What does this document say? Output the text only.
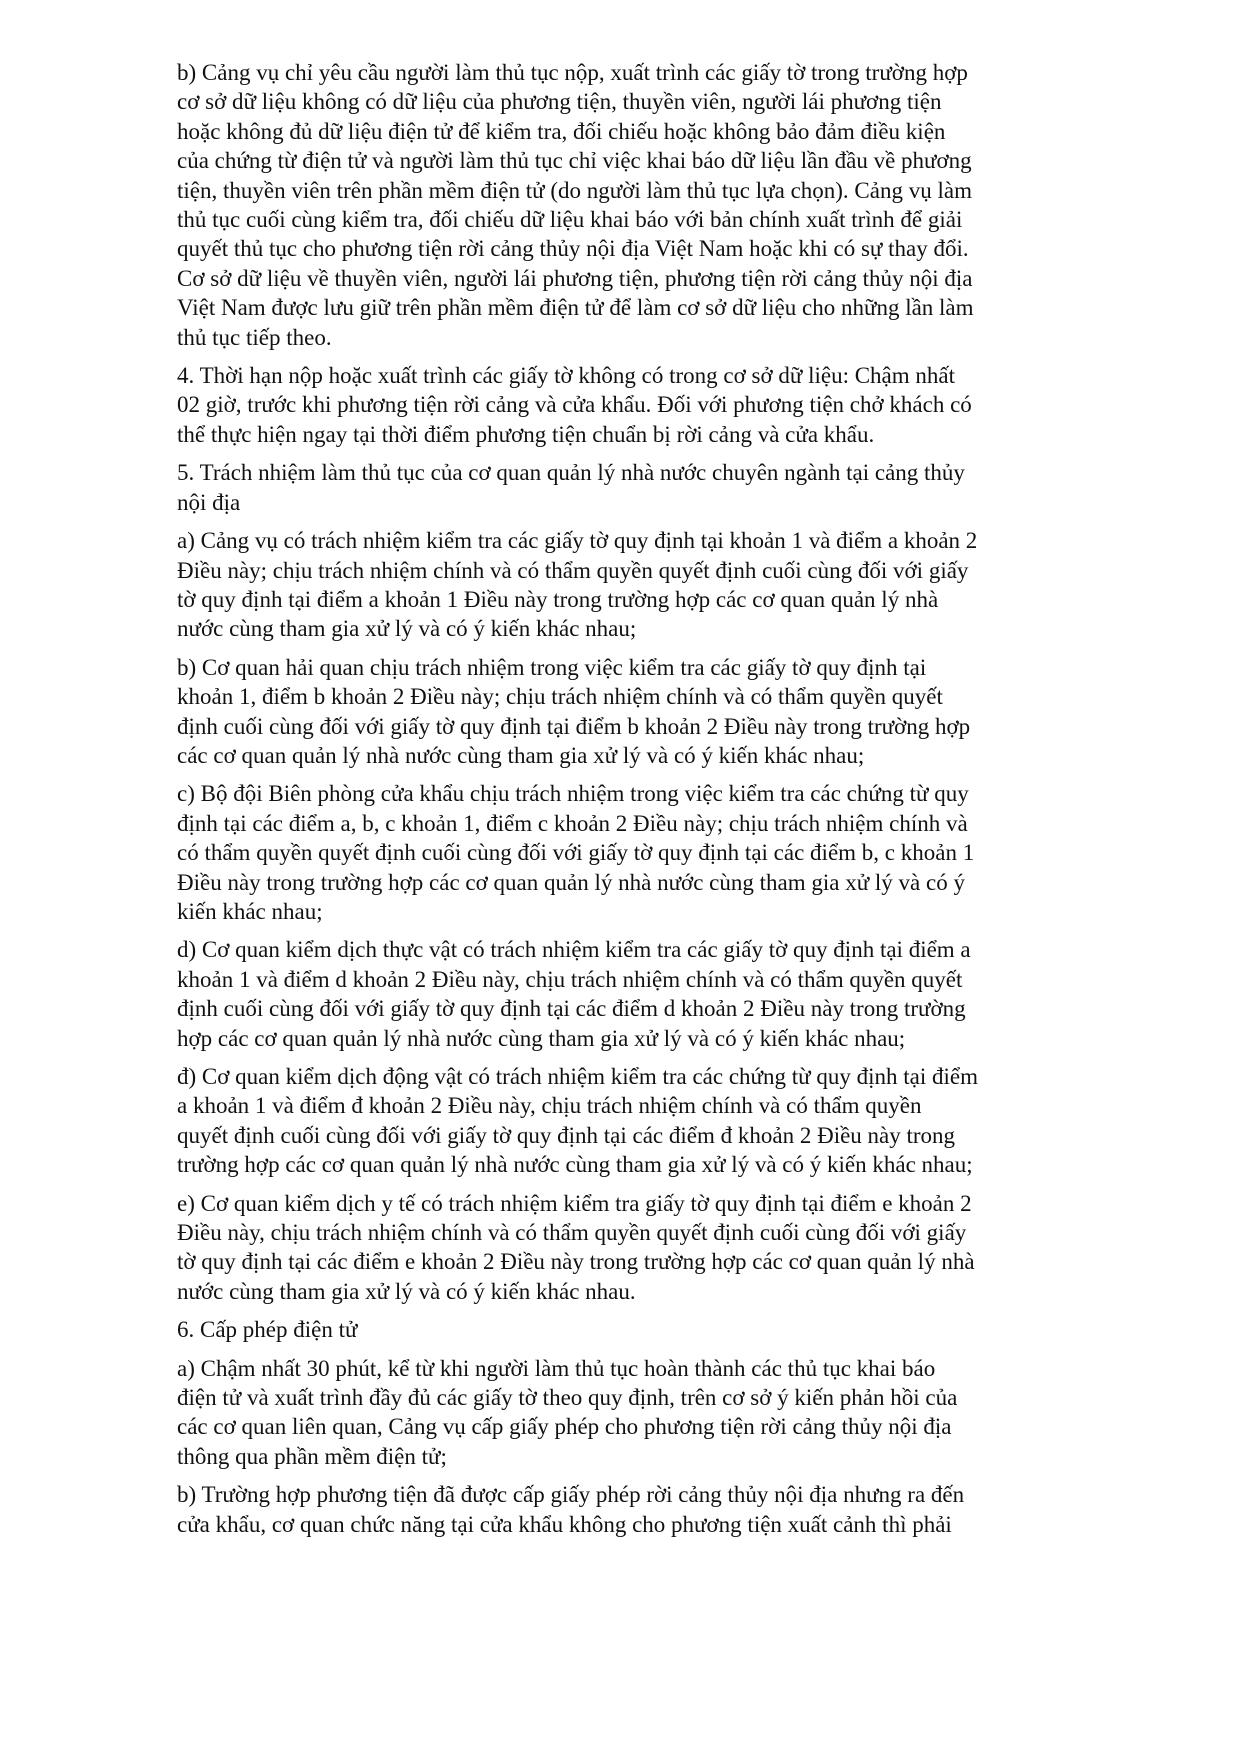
b) Cảng vụ chỉ yêu cầu người làm thủ tục nộp, xuất trình các giấy tờ trong trường hợp
cơ sở dữ liệu không có dữ liệu của phương tiện, thuyền viên, người lái phương tiện
hoặc không đủ dữ liệu điện tử để kiểm tra, đối chiếu hoặc không bảo đảm điều kiện
của chứng từ điện tử và người làm thủ tục chỉ việc khai báo dữ liệu lần đầu về phương
tiện, thuyền viên trên phần mềm điện tử (do người làm thủ tục lựa chọn). Cảng vụ làm
thủ tục cuối cùng kiểm tra, đối chiếu dữ liệu khai báo với bản chính xuất trình để giải
quyết thủ tục cho phương tiện rời cảng thủy nội địa Việt Nam hoặc khi có sự thay đổi.
Cơ sở dữ liệu về thuyền viên, người lái phương tiện, phương tiện rời cảng thủy nội địa
Việt Nam được lưu giữ trên phần mềm điện tử để làm cơ sở dữ liệu cho những lần làm
thủ tục tiếp theo.

4. Thời hạn nộp hoặc xuất trình các giấy tờ không có trong cơ sở dữ liệu: Chậm nhất
02 giờ, trước khi phương tiện rời cảng và cửa khẩu. Đối với phương tiện chở khách có
thể thực hiện ngay tại thời điểm phương tiện chuẩn bị rời cảng và cửa khẩu.

5. Trách nhiệm làm thủ tục của cơ quan quản lý nhà nước chuyên ngành tại cảng thủy
nội địa

a) Cảng vụ có trách nhiệm kiểm tra các giấy tờ quy định tại khoản 1 và điểm a khoản 2
Điều này; chịu trách nhiệm chính và có thẩm quyền quyết định cuối cùng đối với giấy
tờ quy định tại điểm a khoản 1 Điều này trong trường hợp các cơ quan quản lý nhà
nước cùng tham gia xử lý và có ý kiến khác nhau;

b) Cơ quan hải quan chịu trách nhiệm trong việc kiểm tra các giấy tờ quy định tại
khoản 1, điểm b khoản 2 Điều này; chịu trách nhiệm chính và có thẩm quyền quyết
định cuối cùng đối với giấy tờ quy định tại điểm b khoản 2 Điều này trong trường hợp
các cơ quan quản lý nhà nước cùng tham gia xử lý và có ý kiến khác nhau;

c) Bộ đội Biên phòng cửa khẩu chịu trách nhiệm trong việc kiểm tra các chứng từ quy
định tại các điểm a, b, c khoản 1, điểm c khoản 2 Điều này; chịu trách nhiệm chính và
có thẩm quyền quyết định cuối cùng đối với giấy tờ quy định tại các điểm b, c khoản 1
Điều này trong trường hợp các cơ quan quản lý nhà nước cùng tham gia xử lý và có ý
kiến khác nhau;

d) Cơ quan kiểm dịch thực vật có trách nhiệm kiểm tra các giấy tờ quy định tại điểm a
khoản 1 và điểm d khoản 2 Điều này, chịu trách nhiệm chính và có thẩm quyền quyết
định cuối cùng đối với giấy tờ quy định tại các điểm d khoản 2 Điều này trong trường
hợp các cơ quan quản lý nhà nước cùng tham gia xử lý và có ý kiến khác nhau;

đ) Cơ quan kiểm dịch động vật có trách nhiệm kiểm tra các chứng từ quy định tại điểm
a khoản 1 và điểm đ khoản 2 Điều này, chịu trách nhiệm chính và có thẩm quyền
quyết định cuối cùng đối với giấy tờ quy định tại các điểm đ khoản 2 Điều này trong
trường hợp các cơ quan quản lý nhà nước cùng tham gia xử lý và có ý kiến khác nhau;

e) Cơ quan kiểm dịch y tế có trách nhiệm kiểm tra giấy tờ quy định tại điểm e khoản 2
Điều này, chịu trách nhiệm chính và có thẩm quyền quyết định cuối cùng đối với giấy
tờ quy định tại các điểm e khoản 2 Điều này trong trường hợp các cơ quan quản lý nhà
nước cùng tham gia xử lý và có ý kiến khác nhau.

6. Cấp phép điện tử

a) Chậm nhất 30 phút, kể từ khi người làm thủ tục hoàn thành các thủ tục khai báo
điện tử và xuất trình đầy đủ các giấy tờ theo quy định, trên cơ sở ý kiến phản hồi của
các cơ quan liên quan, Cảng vụ cấp giấy phép cho phương tiện rời cảng thủy nội địa
thông qua phần mềm điện tử;

b) Trường hợp phương tiện đã được cấp giấy phép rời cảng thủy nội địa nhưng ra đến
cửa khẩu, cơ quan chức năng tại cửa khẩu không cho phương tiện xuất cảnh thì phải
